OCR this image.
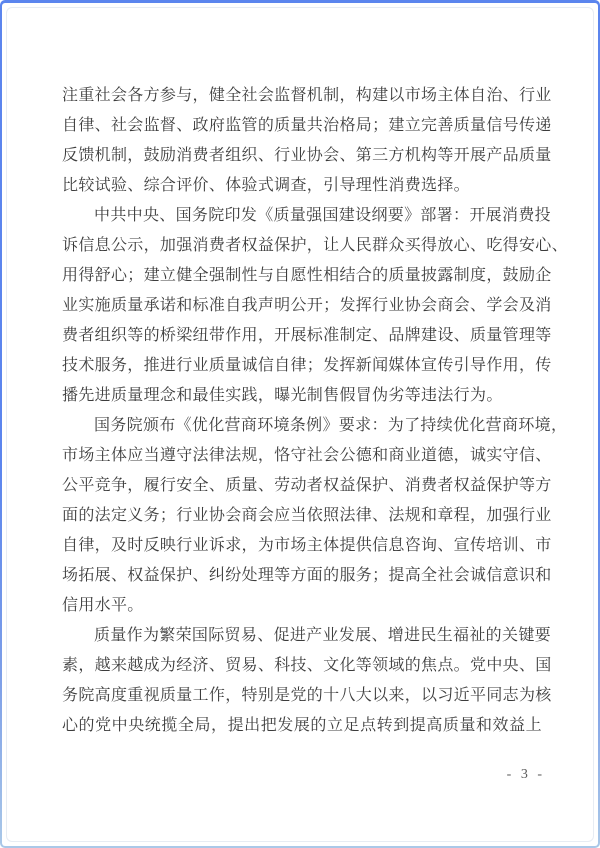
注重社会各方参与，健全社会监督机制，构建以市场主体自治、行业
自律、社会监督、政府监管的质量共治格局；建立完善质量信号传递
反馈机制，鼓励消费者组织、行业协会、第三方机构等开展产品质量
比较试验、综合评价、体验式调查，引导理性消费选择。
中共中央、国务院印发《质量强国建设纲要》部署：开展消费投
诉信息公示，加强消费者权益保护，让人民群众买得放心、吃得安心、
用得舒心；建立健全强制性与自愿性相结合的质量披露制度，鼓励企
业实施质量承诺和标准自我声明公开；发挥行业协会商会、学会及消
费者组织等的桥梁纽带作用，开展标准制定、品牌建设、质量管理等
技术服务，推进行业质量诚信自律；发挥新闻媒体宣传引导作用，传
播先进质量理念和最佳实践，曝光制售假冒伪劣等违法行为。
国务院颁布《优化营商环境条例》要求：为了持续优化营商环境，
市场主体应当遵守法律法规，恪守社会公德和商业道德，诚实守信、
公平竞争，履行安全、质量、劳动者权益保护、消费者权益保护等方
面的法定义务；行业协会商会应当依照法律、法规和章程，加强行业
自律，及时反映行业诉求，为市场主体提供信息咨询、宣传培训、市
场拓展、权益保护、纠纷处理等方面的服务；提高全社会诚信意识和
信用水平。
质量作为繁荣国际贸易、促进产业发展、增进民生福祉的关键要
素，越来越成为经济、贸易、科技、文化等领域的焦点。党中央、国
务院高度重视质量工作，特别是党的十八大以来，以习近平同志为核
心的党中央统揽全局，提出把发展的立足点转到提高质量和效益上
- 3 -
